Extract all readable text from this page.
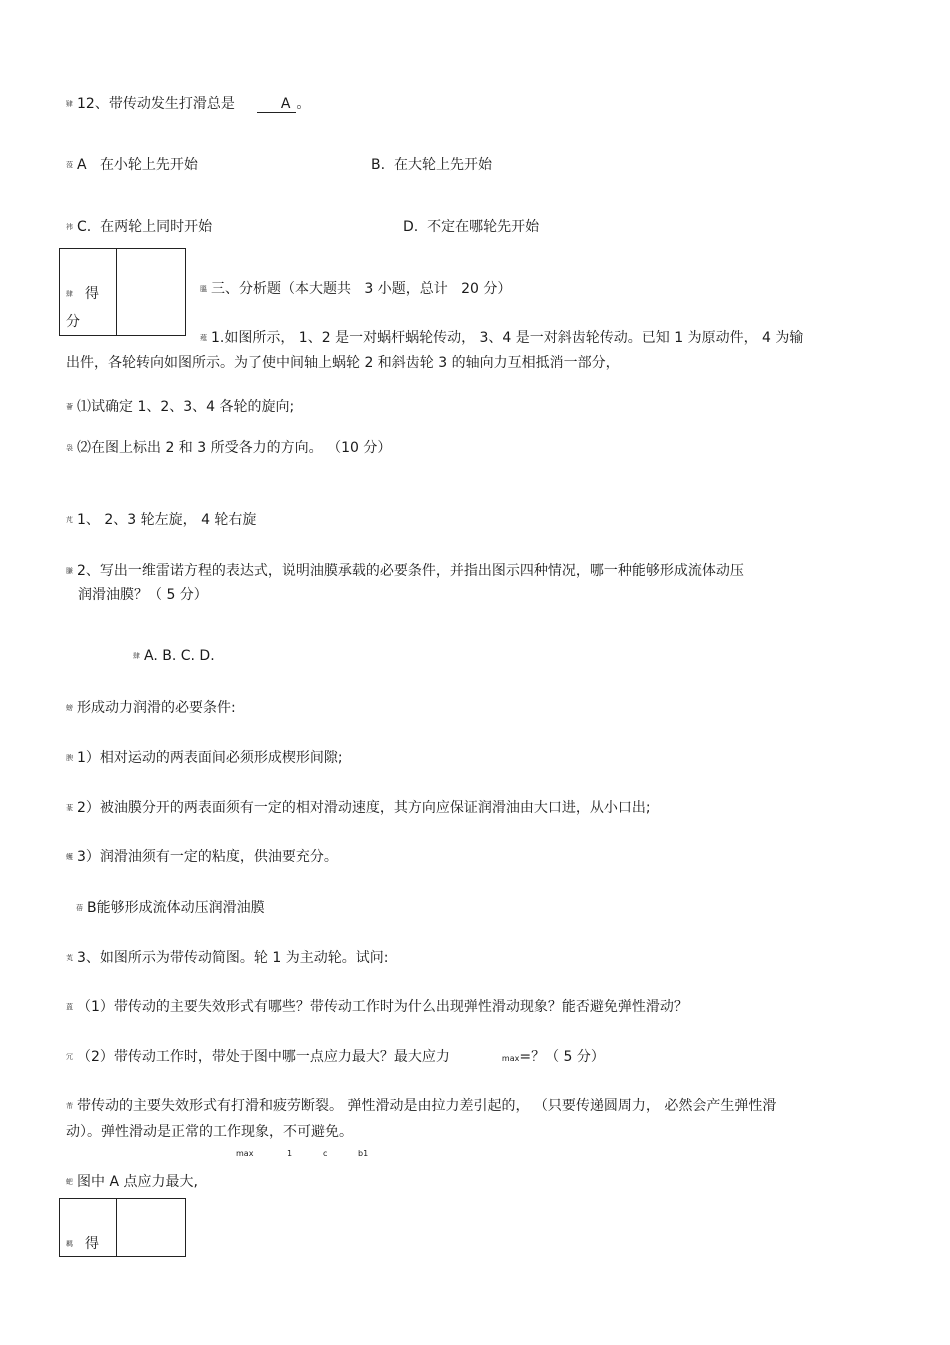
肄 12、带传动发生打滑总是	A 。
莈 A 在小轮上先开始	B. 在大轮上先开始
袆 C. 在两轮上同时开始	D. 不定在哪轮先开始
肆 得
分
膃 三、分析题（本大题共 3 小题，总计 20 分）
薤 1.如图所示， 1、2 是一对蜗杆蜗轮传动， 3、4 是一对斜齿轮传动。已知 1 为原动件， 4 为输
出件，各轮转向如图所示。为了使中间轴上蜗轮 2 和斜齿轮 3 的轴向力互相抵消一部分，
薈 ⑴试确定 1、2、3、4 各轮的旋向;
袅 ⑵在图上标出 2 和 3 所受各力的方向。 （10 分）
芃 1、 2、3 轮左旋， 4 轮右旋
膁 2、写出一维雷诺方程的表达式，说明油膜承载的必要条件，并指出图示四种情况，哪一种能够形成流体动压
润滑油膜？（ 5 分）
肆 A. B. C. D.
螃 形成动力润滑的必要条件:
腴 1）相对运动的两表面间必须形成楔形间隙;
蒃 2）被油膜分开的两表面须有一定的相对滑动速度，其方向应保证润滑油由大口进，从小口出;
蠖 3）润滑油须有一定的粘度，供油要充分。
蓓 B能够形成流体动压润滑油膜
芄 3、如图所示为带传动简图。轮 1 为主动轮。试问:
蒕 （1）带传动的主要失效形式有哪些？带传动工作时为什么出现弹性滑动现象？能否避免弹性滑动？
冗 （2）带传动工作时，带处于图中哪一点应力最大？最大应力	max=？（ 5 分）
芾 带传动的主要失效形式有打滑和疲劳断裂。 弹性滑动是由拉力差引起的， （只要传递圆周力， 必然会产生弹性滑
动）。弹性滑动是正常的工作现象，不可避免。
max	1	c	b1
蚆 图中 A 点应力最大,
羁 得
